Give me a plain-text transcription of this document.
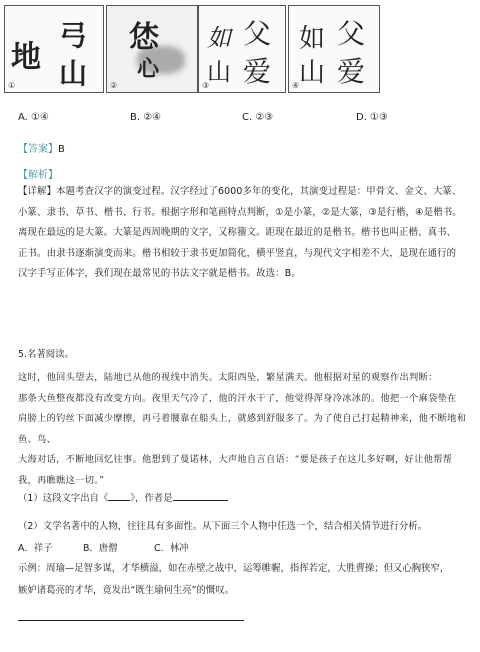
地
弓
山
①
恷
心
②
父
如
爱
山
③
父
如
爱
山
④
A. ①④	B. ②④	C. ②③	D. ①③
【答案】B
【解析】
【详解】本题考查汉字的演变过程。汉字经过了6000多年的变化，其演变过程是：甲骨文、金文、大篆、
小篆、隶书、草书、楷书、行书。根据字形和笔画特点判断，①是小篆，②是大篆，③是行楷，④是楷书。
离现在最远的是大篆。大篆是西周晚期的文字，又称籀文。距现在最近的是楷书。楷书也叫正楷、真书、
正书。由隶书逐渐演变而来。楷书相较于隶书更加简化，横平竖直，与现代文字相差不大，是现在通行的
汉字手写正体字，我们现在最常见的书法文字就是楷书。故选：B。
5.名著阅读。
这时，他回头望去，陆地已从他的视线中消失。太阳西坠，繁星满天。他根据对星的观察作出判断：
那条大鱼整夜都没有改变方向。夜里天气冷了，他的汗水干了，他觉得浑身冷冰冰的。他把一个麻袋垫在
肩膀上的钓丝下面减少摩擦，再弓着腰靠在船头上，就感到舒服多了。为了使自己打起精神来，他不断地和鱼、鸟、
大海对话，不断地回忆往事。他想到了曼诺林，大声地自言自语：“要是孩子在这儿多好啊，好让他帮帮
我，再瞧瞧这一切。”
（1）这段文字出自《 》，作者是
（2）文学名著中的人物，往往具有多面性。从下面三个人物中任选一个，结合相关情节进行分析。
A．祥子	B．唐僧	C．林冲
示例：周瑜—足智多谋，才华横溢，如在赤壁之战中，运筹帷幄，指挥若定，大胜曹操；但又心胸狭窄，
嫉妒诸葛亮的才华，竟发出“既生瑜何生亮”的慨叹。
